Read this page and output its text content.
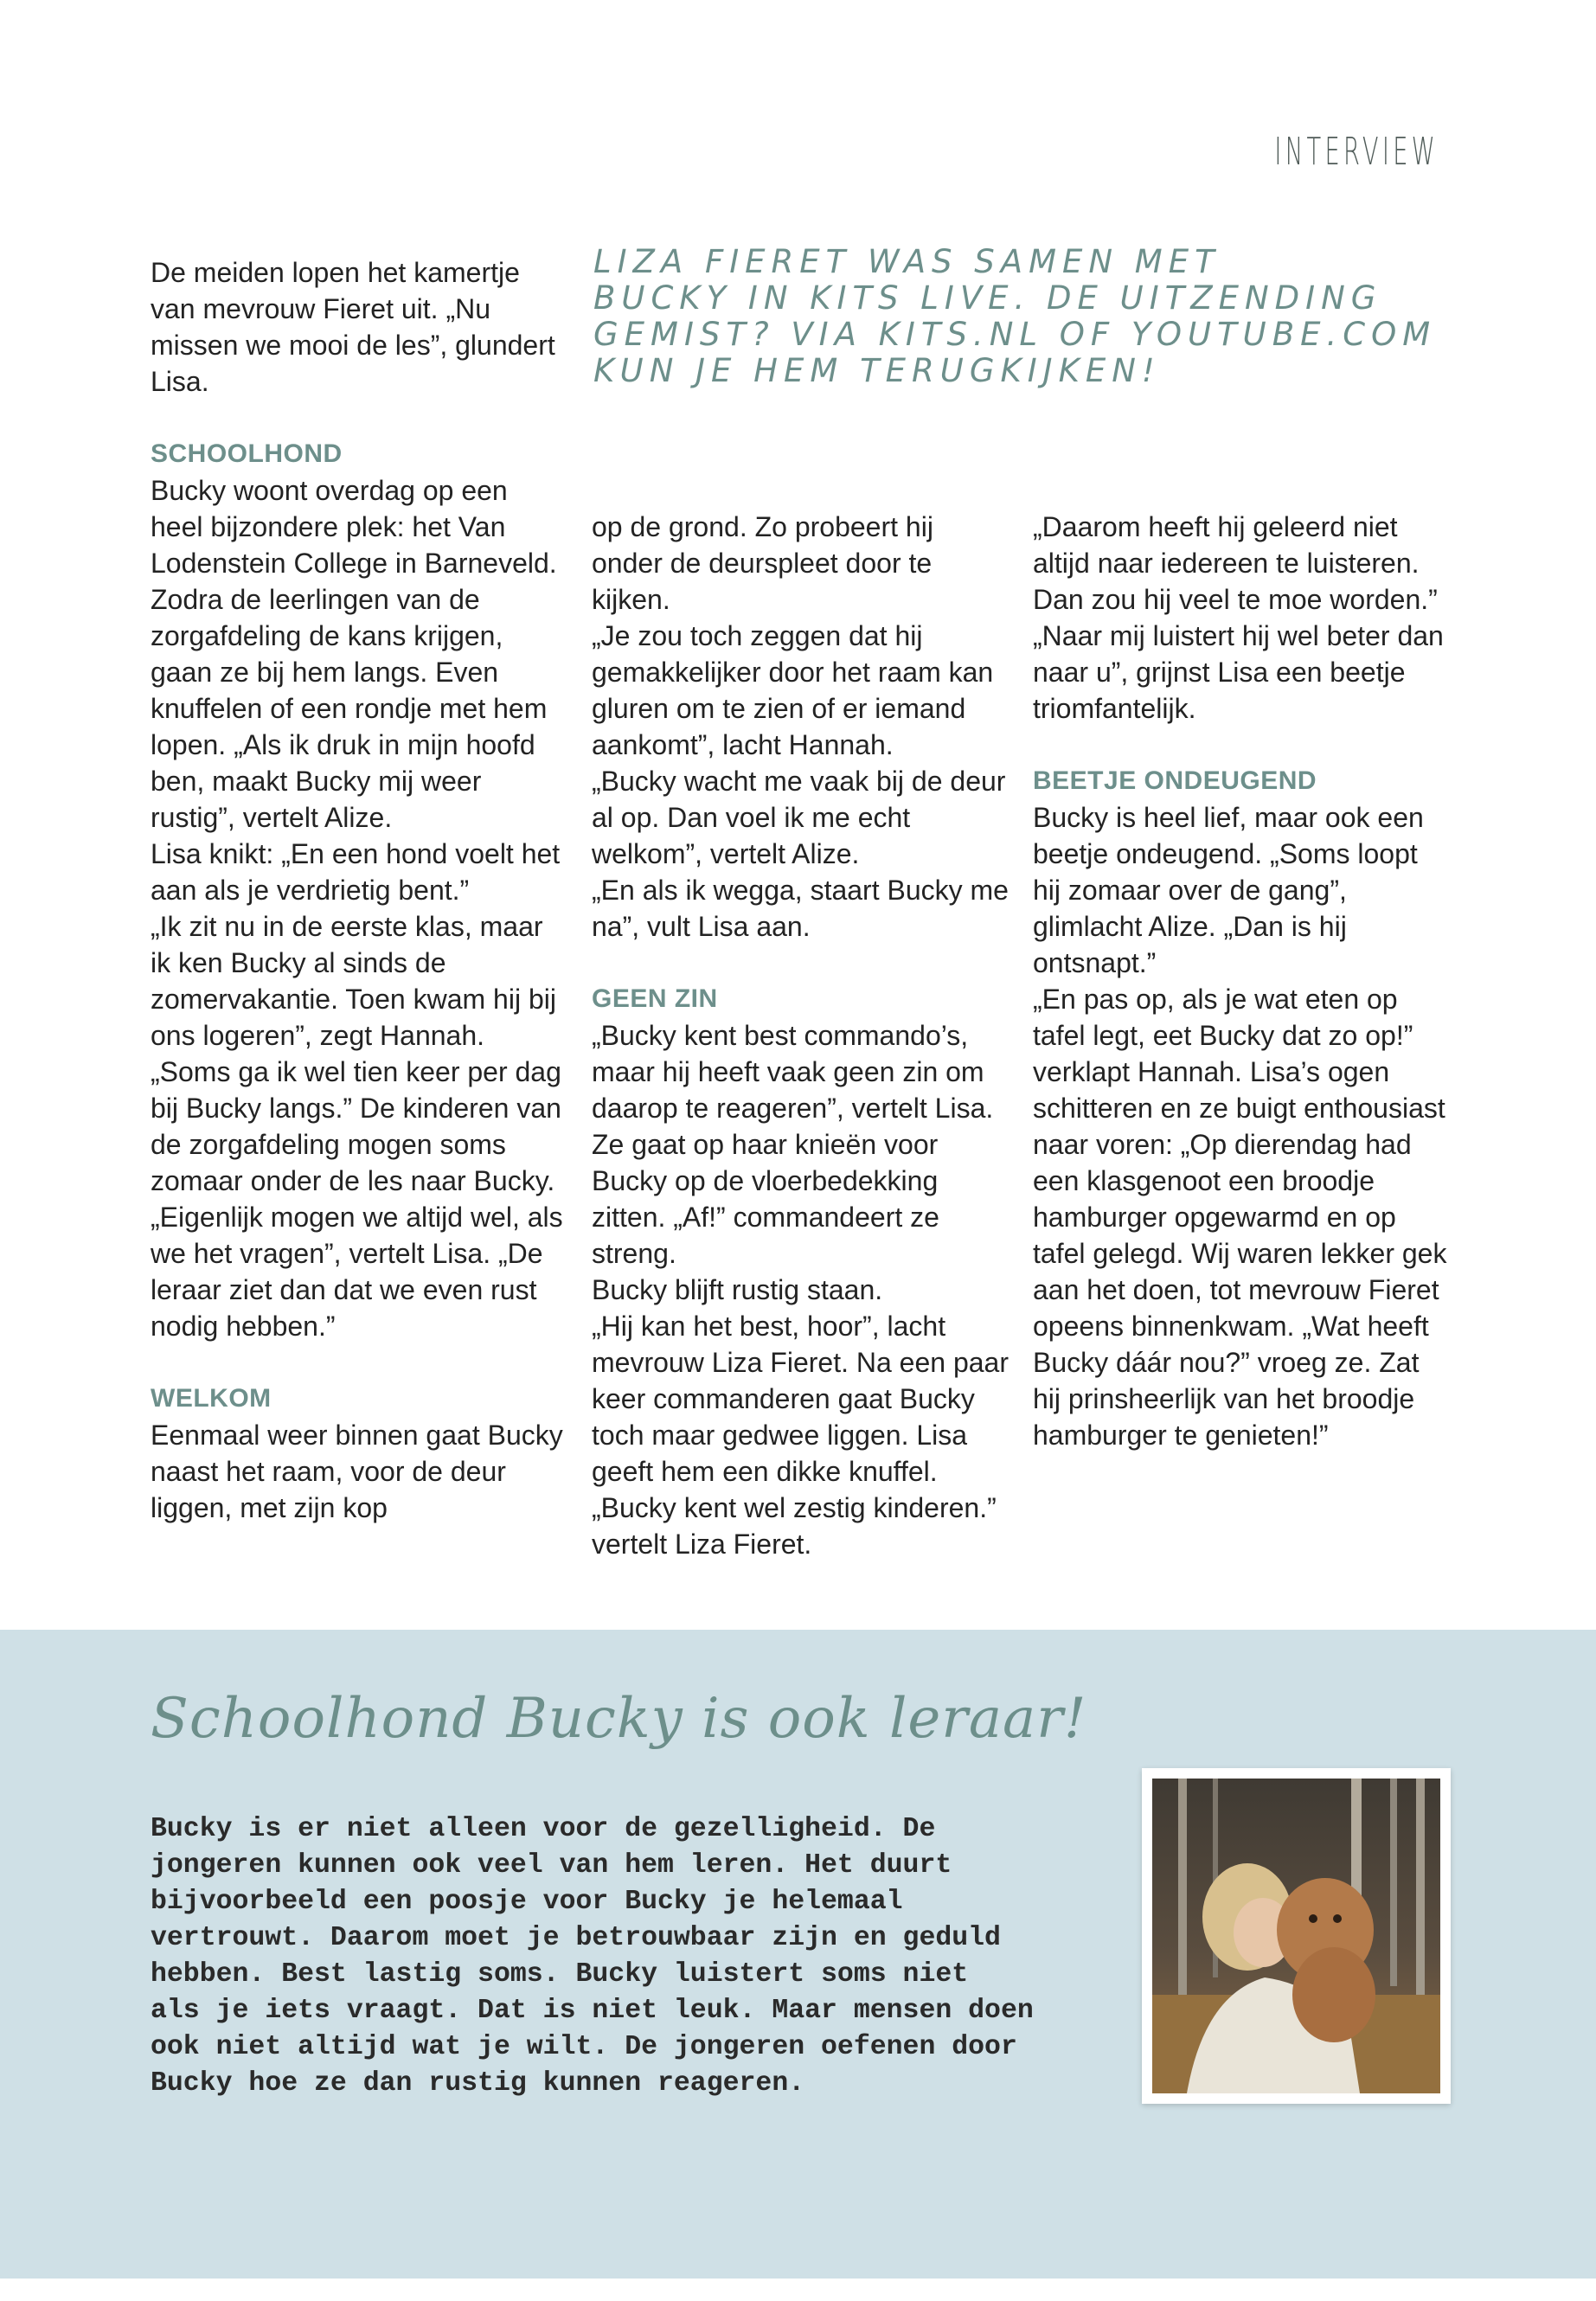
INTERVIEW
LIZA FIERET WAS SAMEN MET
BUCKY IN KITS LIVE. DE UITZENDING
GEMIST? VIA KITS.NL OF YOUTUBE.COM
KUN JE HEM TERUGKIJKEN!

De meiden lopen het kamertje van mevrouw Fieret uit. „Nu missen we mooi de les”, glundert Lisa.

SCHOOLHOND

Bucky woont overdag op een heel bijzondere plek: het Van Lodenstein College in Barneveld. Zodra de leerlingen van de zorgafdeling de kans krijgen, gaan ze bij hem langs. Even knuffelen of een rondje met hem lopen. „Als ik druk in mijn hoofd ben, maakt Bucky mij weer rustig”, vertelt Alize.

Lisa knikt: „En een hond voelt het aan als je verdrietig bent.”

„Ik zit nu in de eerste klas, maar ik ken Bucky al sinds de zomervakantie. Toen kwam hij bij ons logeren”, zegt Hannah. „Soms ga ik wel tien keer per dag bij Bucky langs.” De kinderen van de zorgafdeling mogen soms zomaar onder de les naar Bucky. „Eigenlijk mogen we altijd wel, als we het vragen”, vertelt Lisa. „De leraar ziet dan dat we even rust nodig hebben.”

WELKOM

Eenmaal weer binnen gaat Bucky naast het raam, voor de deur liggen, met zijn kop

op de grond. Zo probeert hij onder de deurspleet door te kijken.

„Je zou toch zeggen dat hij gemakkelijker door het raam kan gluren om te zien of er iemand aankomt”, lacht Hannah.

„Bucky wacht me vaak bij de deur al op. Dan voel ik me echt welkom”, vertelt Alize.

„En als ik wegga, staart Bucky me na”, vult Lisa aan.

GEEN ZIN

„Bucky kent best commando’s, maar hij heeft vaak geen zin om daarop te reageren”, vertelt Lisa. Ze gaat op haar knieën voor Bucky op de vloerbedekking zitten. „Af!” commandeert ze streng.

Bucky blijft rustig staan.

„Hij kan het best, hoor”, lacht mevrouw Liza Fieret. Na een paar keer commanderen gaat Bucky toch maar gedwee liggen. Lisa geeft hem een dikke knuffel. „Bucky kent wel zestig kinderen.” vertelt Liza Fieret.

„Daarom heeft hij geleerd niet altijd naar iedereen te luisteren. Dan zou hij veel te moe worden.”

„Naar mij luistert hij wel beter dan naar u”, grijnst Lisa een beetje triomfantelijk.

BEETJE ONDEUGEND

Bucky is heel lief, maar ook een beetje ondeugend. „Soms loopt hij zomaar over de gang”, glimlacht Alize. „Dan is hij ontsnapt.”

„En pas op, als je wat eten op tafel legt, eet Bucky dat zo op!” verklapt Hannah. Lisa’s ogen schitteren en ze buigt enthousiast naar voren: „Op dierendag had een klasgenoot een broodje hamburger opgewarmd en op tafel gelegd. Wij waren lekker gek aan het doen, tot mevrouw Fieret opeens binnenkwam. „Wat heeft Bucky dáár nou?” vroeg ze. Zat hij prinsheerlijk van het broodje hamburger te genieten!”

Schoolhond Bucky is ook leraar!
Bucky is er niet alleen voor de gezelligheid. De
jongeren kunnen ook veel van hem leren. Het duurt
bijvoorbeeld een poosje voor Bucky je helemaal
vertrouwt. Daarom moet je betrouwbaar zijn en geduld
hebben. Best lastig soms. Bucky luistert soms niet
als je iets vraagt. Dat is niet leuk. Maar mensen doen
ook niet altijd wat je wilt. De jongeren oefenen door
Bucky hoe ze dan rustig kunnen reageren.
